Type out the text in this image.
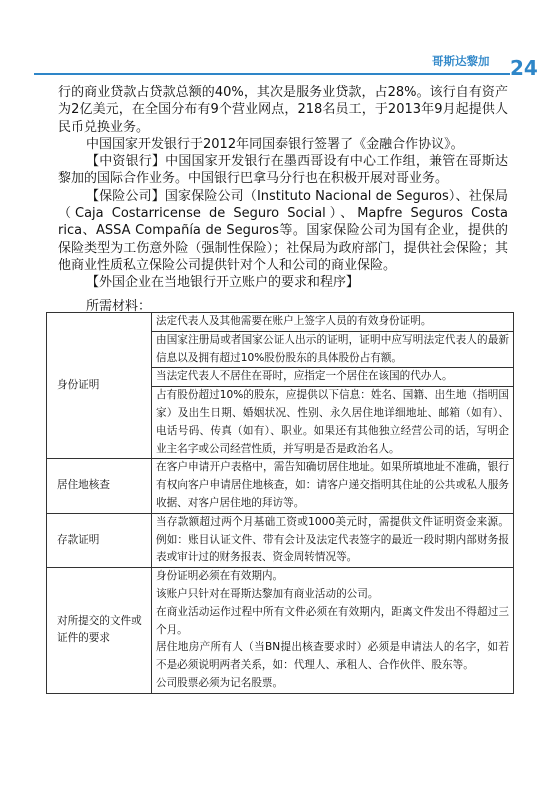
哥斯达黎加 24

行的商业贷款占贷款总额的40%，其次是服务业贷款，占28%。该行自有资产为2亿美元，在全国分布有9个营业网点，218名员工，于2013年9月起提供人民币兑换业务。

中国国家开发银行于2012年同国泰银行签署了《金融合作协议》。

【中资银行】中国国家开发银行在墨西哥设有中心工作组，兼管在哥斯达黎加的国际合作业务。中国银行巴拿马分行也在积极开展对哥业务。

【保险公司】国家保险公司（Instituto Nacional de Seguros）、社保局（Caja Costarricense de Seguro Social）、Mapfre Seguros Costa rica、ASSA Compañía de Seguros等。国家保险公司为国有企业，提供的保险类型为工伤意外险（强制性保险）；社保局为政府部门，提供社会保险；其他商业性质私立保险公司提供针对个人和公司的商业保险。

【外国企业在当地银行开立账户的要求和程序】

所需材料：
身份证明	法定代表人及其他需要在账户上签字人员的有效身份证明。
	由国家注册局或者国家公证人出示的证明，证明中应写明法定代表人的最新信息以及拥有超过10%股份股东的具体股份占有额。
	当法定代表人不居住在哥时，应指定一个居住在该国的代办人。
	占有股份超过10%的股东，应提供以下信息：姓名、国籍、出生地（指明国家）及出生日期、婚姻状况、性别、永久居住地详细地址、邮箱（如有）、电话号码、传真（如有）、职业。如果还有其他独立经营公司的话，写明企业主名字或公司经营性质，并写明是否是政治名人。
居住地核查	在客户申请开户表格中，需告知确切居住地址。如果所填地址不准确，银行有权向客户申请居住地核查，如：请客户递交指明其住址的公共或私人服务收据、对客户居住地的拜访等。
存款证明	当存款额超过两个月基础工资或1000美元时，需提供文件证明资金来源。例如：账目认证文件、带有会计及法定代表签字的最近一段时期内部财务报表或审计过的财务报表、资金周转情况等。
对所提交的文件或证件的要求	身份证明必须在有效期内。
该账户只针对在哥斯达黎加有商业活动的公司。
在商业活动运作过程中所有文件必须在有效期内，距离文件发出不得超过三个月。
居住地房产所有人（当BN提出核查要求时）必须是申请法人的名字，如若不是必须说明两者关系，如：代理人、承租人、合作伙伴、股东等。
公司股票必须为记名股票。
